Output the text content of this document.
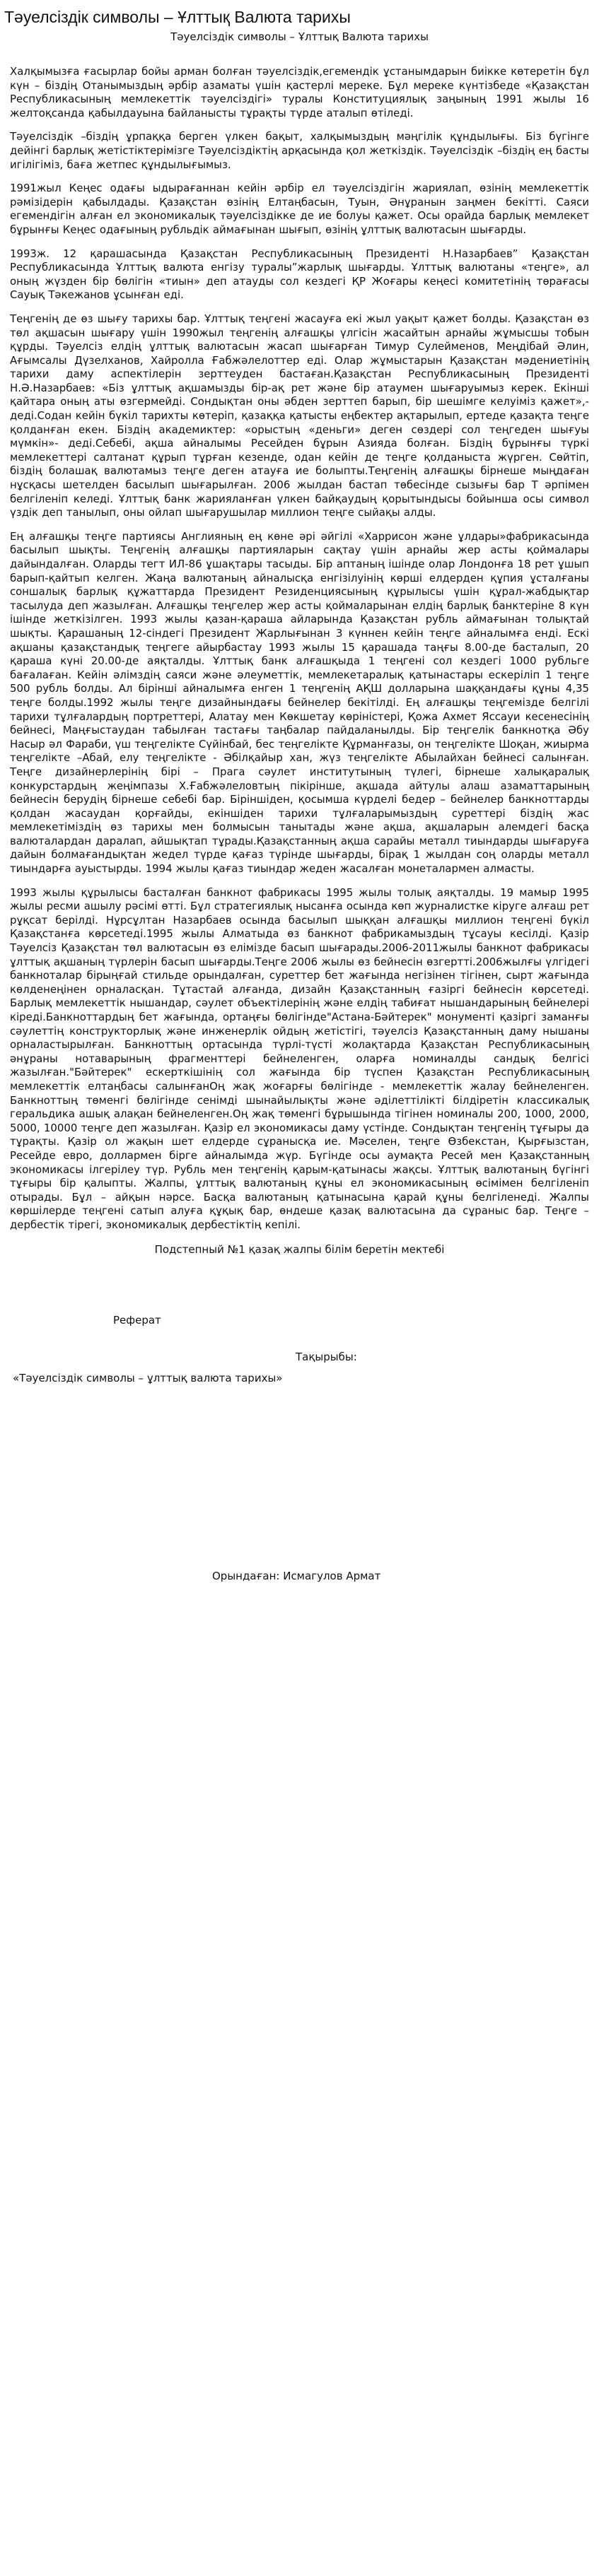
Тәуелсіздік символы – Ұлттық Валюта тарихы
Тәуелсіздік символы – Ұлттық Валюта тарихы

Халқымызға ғасырлар бойы арман болған тәуелсіздік,егемендік ұстанымдарын биікке көтеретін бұл күн – біздің Отанымыздың әрбір азаматы үшін қастерлі мереке. Бұл мереке күнтізбеде «Қазақстан Республикасының мемлекеттік тәуелсіздігі» туралы Конституциялық заңының 1991 жылы 16 желтоқсанда қабылдауына байланысты тұрақты түрде аталып өтіледі.

Тәуелсіздік –біздің ұрпаққа берген үлкен бақыт, халқымыздың мәңгілік құндылығы. Біз бүгінге дейінгі барлық жетістіктерімізге Тәуелсіздіктің арқасында қол жеткіздік. Тәуелсіздік –біздің ең басты игілігіміз, баға жетпес құндылығымыз.

1991жыл Кеңес одағы ыдырағаннан кейін әрбір ел тәуелсіздігін жариялап, өзінің мемлекеттік рәмізідерін қабылдады. Қазақстан өзінің Елтаңбасын, Туын, Әнұранын заңмен бекітті. Саяси егемендігін алған ел экономикалық тәуелсіздікке де ие болуы қажет. Осы орайда барлық мемлекет бұрынғы Кеңес одағының рубльдік аймағынан шығып, өзінің ұлттық валютасын шығарды.

1993ж. 12 қарашасында Қазақстан Республикасының Президенті Н.Назарбаев” Қазақстан Республикасында Ұлттық валюта енгізу туралы”жарлық шығарды. Ұлттық валютаны «теңге», ал оның жүзден бір бөлігін «тиын» деп атауды сол кездегі ҚР Жоғары кеңесі комитетінің төрағасы Сауық Тәкежанов ұсынған еді.

Теңгенің де өз шығу тарихы бар. Ұлттық теңгені жасауға екі жыл уақыт қажет болды. Қазақстан өз төл ақшасын шығару үшін 1990жыл теңгенің алғашқы үлгісін жасайтын арнайы жұмысшы тобын құрды. Тәуелсіз елдің ұлттық валютасын жасап шығарған Тимур Сулейменов, Меңдібай Әлин, Ағымсалы Дүзелханов, Хайролла Ғабжәлелоттер еді. Олар жұмыстарын Қазақстан мәдениетінің тарихи даму аспектілерін зерттеуден бастаған.Қазақстан Республикасының Президенті Н.Ә.Назарбаев: «Біз ұлттық ақшамызды бір-ақ рет және бір атаумен шығаруымыз керек. Екінші қайтара оның аты өзгермейді. Сондықтан оны әбден зерттеп барып, бір шешімге келуіміз қажет»,- деді.Содан кейін бүкіл тарихты көтеріп, қазаққа қатысты еңбектер ақтарылып, ертеде қазақта теңге қолданған екен. Біздің академиктер: «орыстың «деньги» деген сөздері сол теңгеден шығуы мүмкін»- деді.Себебі, ақша айналымы Ресейден бұрын Азияда болған. Біздің бұрынғы түркі мемлекеттері салтанат құрып тұрған кезенде, одан кейін де теңге қолданыста жүрген. Сөйтіп, біздің болашақ валютамыз теңге деген атауға ие болыпты.Теңгенің алғашқы бірнеше мыңдаған нұсқасы шетелден басылып шығарылған. 2006 жылдан бастап төбесінде сызығы бар Т әрпімен белгіленіп келеді. Ұлттық банк жарияланған үлкен байқаудың қорытындысы бойынша осы символ үздік деп танылып, оны ойлап шығарушылар миллион теңге сыйақы алды.

Ең алғашқы теңге партиясы Англияның ең көне әрі әйгілі «Харрисон және ұлдары»фабрикасында басылып шықты. Теңгенің алғашқы партияларын сақтау үшін арнайы жер асты қоймалары дайындалған. Оларды тегт ИЛ-86 ұшақтары тасыды. Бір аптаның ішінде олар Лондонға 18 рет ұшып барып-қайтып келген. Жаңа валютаның айналысқа енгізілуінің көрші елдерден құпия ұсталғаны соншалық барлық құжаттарда Президент Резиденциясының құрылысы үшін құрал-жабдықтар тасылуда деп жазылған. Алғашқы теңгелер жер асты қоймаларынан елдің барлық банктеріне 8 күн ішінде жеткізілген. 1993 жылы қазан-қараша айларында Қазақстан рубль аймағынан толықтай шықты. Қарашаның 12-сіндегі Президент Жарлығынан 3 күннен кейін теңге айналымға енді. Ескі ақшаны қазақстандық теңгеге айырбастау 1993 жылы 15 қарашада таңғы 8.00-де басталып, 20 қараша күні 20.00-де аяқталды. Ұлттық банк алғашқыда 1 теңгені сол кездегі 1000 рубльге бағалаған. Кейін әлімздің саяси және әлеуметтік, мемлекетаралық қатынастары ескеріліп 1 теңге 500 рубль болды. Ал бірінші айналымға енген 1 теңгенің АҚШ долларына шаққандағы құны 4,35 теңге болды.1992 жылы теңге дизайнындағы бейнелер бекітілді. Ең алғашқы теңгемізде белгілі тарихи тұлғалардың портреттері, Алатау мен Көкшетау көріністері, Қожа Ахмет Яссауи кесенесінің бейнесі, Маңғыстаудан табылған тастағы таңбалар пайдаланылды. Бір теңгелік банкнотқа Әбу Насыр әл Фараби, үш теңгелікте Сүйінбай, бес теңгелікте Құрманғазы, он теңгелікте Шоқан, жиырма теңгелікте –Абай, елу теңгелікте - Әбілқайыр хан, жүз теңгелікте Абылайхан бейнесі салынған. Теңге дизайнерлерінің бірі – Прага сәулет институтының түлегі, бірнеше халықаралық конкурстардың жеңімпазы Х.Ғабжәлеловтың пікірінше, ақшада айтулы алаш азаматтарының бейнесін берудің бірнеше себебі бар. Біріншіден, қосымша күрделі бедер – бейнелер банкноттарды қолдан жасаудан қорғайды, екіншіден тарихи тұлғаларымыздың суреттері біздің жас мемлекетіміздің өз тарихы мен болмысын танытады және ақша, ақшаларын алемдегі басқа валюталардан даралап, айшықтап тұрады.Қазақстанның ақша сарайы металл тиындарды шығаруға дайын болмағандықтан жедел түрде қағаз түрінде шығарды, бірақ 1 жылдан соң оларды металл тиындарға ауыстырды. 1994 жылы қағаз тиындар жеден жасалған монеталармен алмасты.

1993 жылы құрылысы басталған банкнот фабрикасы 1995 жылы толық аяқталды. 19 мамыр 1995 жылы ресми ашылу рәсімі өтті. Бұл стратегиялық нысанға осында көп журналистке кіруге алғаш рет рұқсат берілді. Нұрсұлтан Назарбаев осында басылып шыққан алғашқы миллион теңгені бүкіл Қазақстанға көрсетеді.1995 жылы Алматыда өз банкнот фабрикамыздың тұсауы кесілді. Қазір Тәуелсіз Қазақстан төл валютасын өз елімізде басып шығарады.2006-2011жылы банкнот фабрикасы ұлттық ақшаның түрлерін басып шығарды.Теңге 2006 жылы өз бейнесін өзгертті.2006жылғы үлгідегі банкноталар бірыңғай стильде орындалған, суреттер бет жағында негізінен тігінен, сырт жағында көлденеңінен орналасқан. Тұтастай алғанда, дизайн Қазақстанның ғазіргі бейнесін көрсетеді. Барлық мемлекеттік нышандар, сәулет объектілерінің және елдің табиғат нышандарының бейнелері кіреді.Банкноттардың бет жағында, ортаңғы бөлігінде"Астана-Бәйтерек" монументі қазіргі заманғы сәулеттің конструкторлық және инженерлік ойдың жетістігі, тәуелсіз Қазақстанның даму нышаны орналастырылған. Банкноттың ортасында түрлі-түсті жолақтарда Қазақстан Республикасының әнұраны нотаварының фрагменттері бейнеленген, оларға номиналды сандық белгісі жазылған."Бәйтерек" ескерткішінің сол жағында бір түспен Қазақстан Республикасының мемлекеттік елтаңбасы салынғанОң жақ жоғарғы бөлігінде - мемлекеттік жалау бейнеленген. Банкноттың төменгі бөлігінде сенімді шынайылықты және әділеттілікті білдіретін классикалық геральдика ашық алақан бейнеленген.Оң жақ төменгі бұрышында тігінен номиналы 200, 1000, 2000, 5000, 10000 теңге деп жазылған. Қазір ел экономикасы даму үстінде. Сондықтан теңгенің тұғыры да тұрақты. Қазір ол жақын шет елдерде сұранысқа ие. Мәселен, теңге Өзбекстан, Қырғызстан, Ресейде евро, доллармен бірге айналымда жүр. Бүгінде осы аумақта Ресей мен Қазақстанның экономикасы ілгерілеу түр. Рубль мен теңгенің қарым-қатынасы жақсы. Ұлттық валютаның бүгінгі тұғыры бір қалыпты. Жалпы, ұлттық валютаның құны ел экономикасының өсімімен белгіленіп отырады. Бұл – айқын нәрсе. Басқа валютаның қатынасына қарай құны белгіленеді. Жалпы көршілерде теңгені сатып алуға құқық бар, өндеше қазақ валютасына да сұраныс бар. Теңге – дербестік тірегі, экономикалық дербестіктің кепілі.

Подстепный №1 қазақ жалпы білім беретін мектебі
Реферат
Тақырыбы:
«Тәуелсіздік символы – ұлттық валюта тарихы»
Орындаған: Исмагулов Армат
